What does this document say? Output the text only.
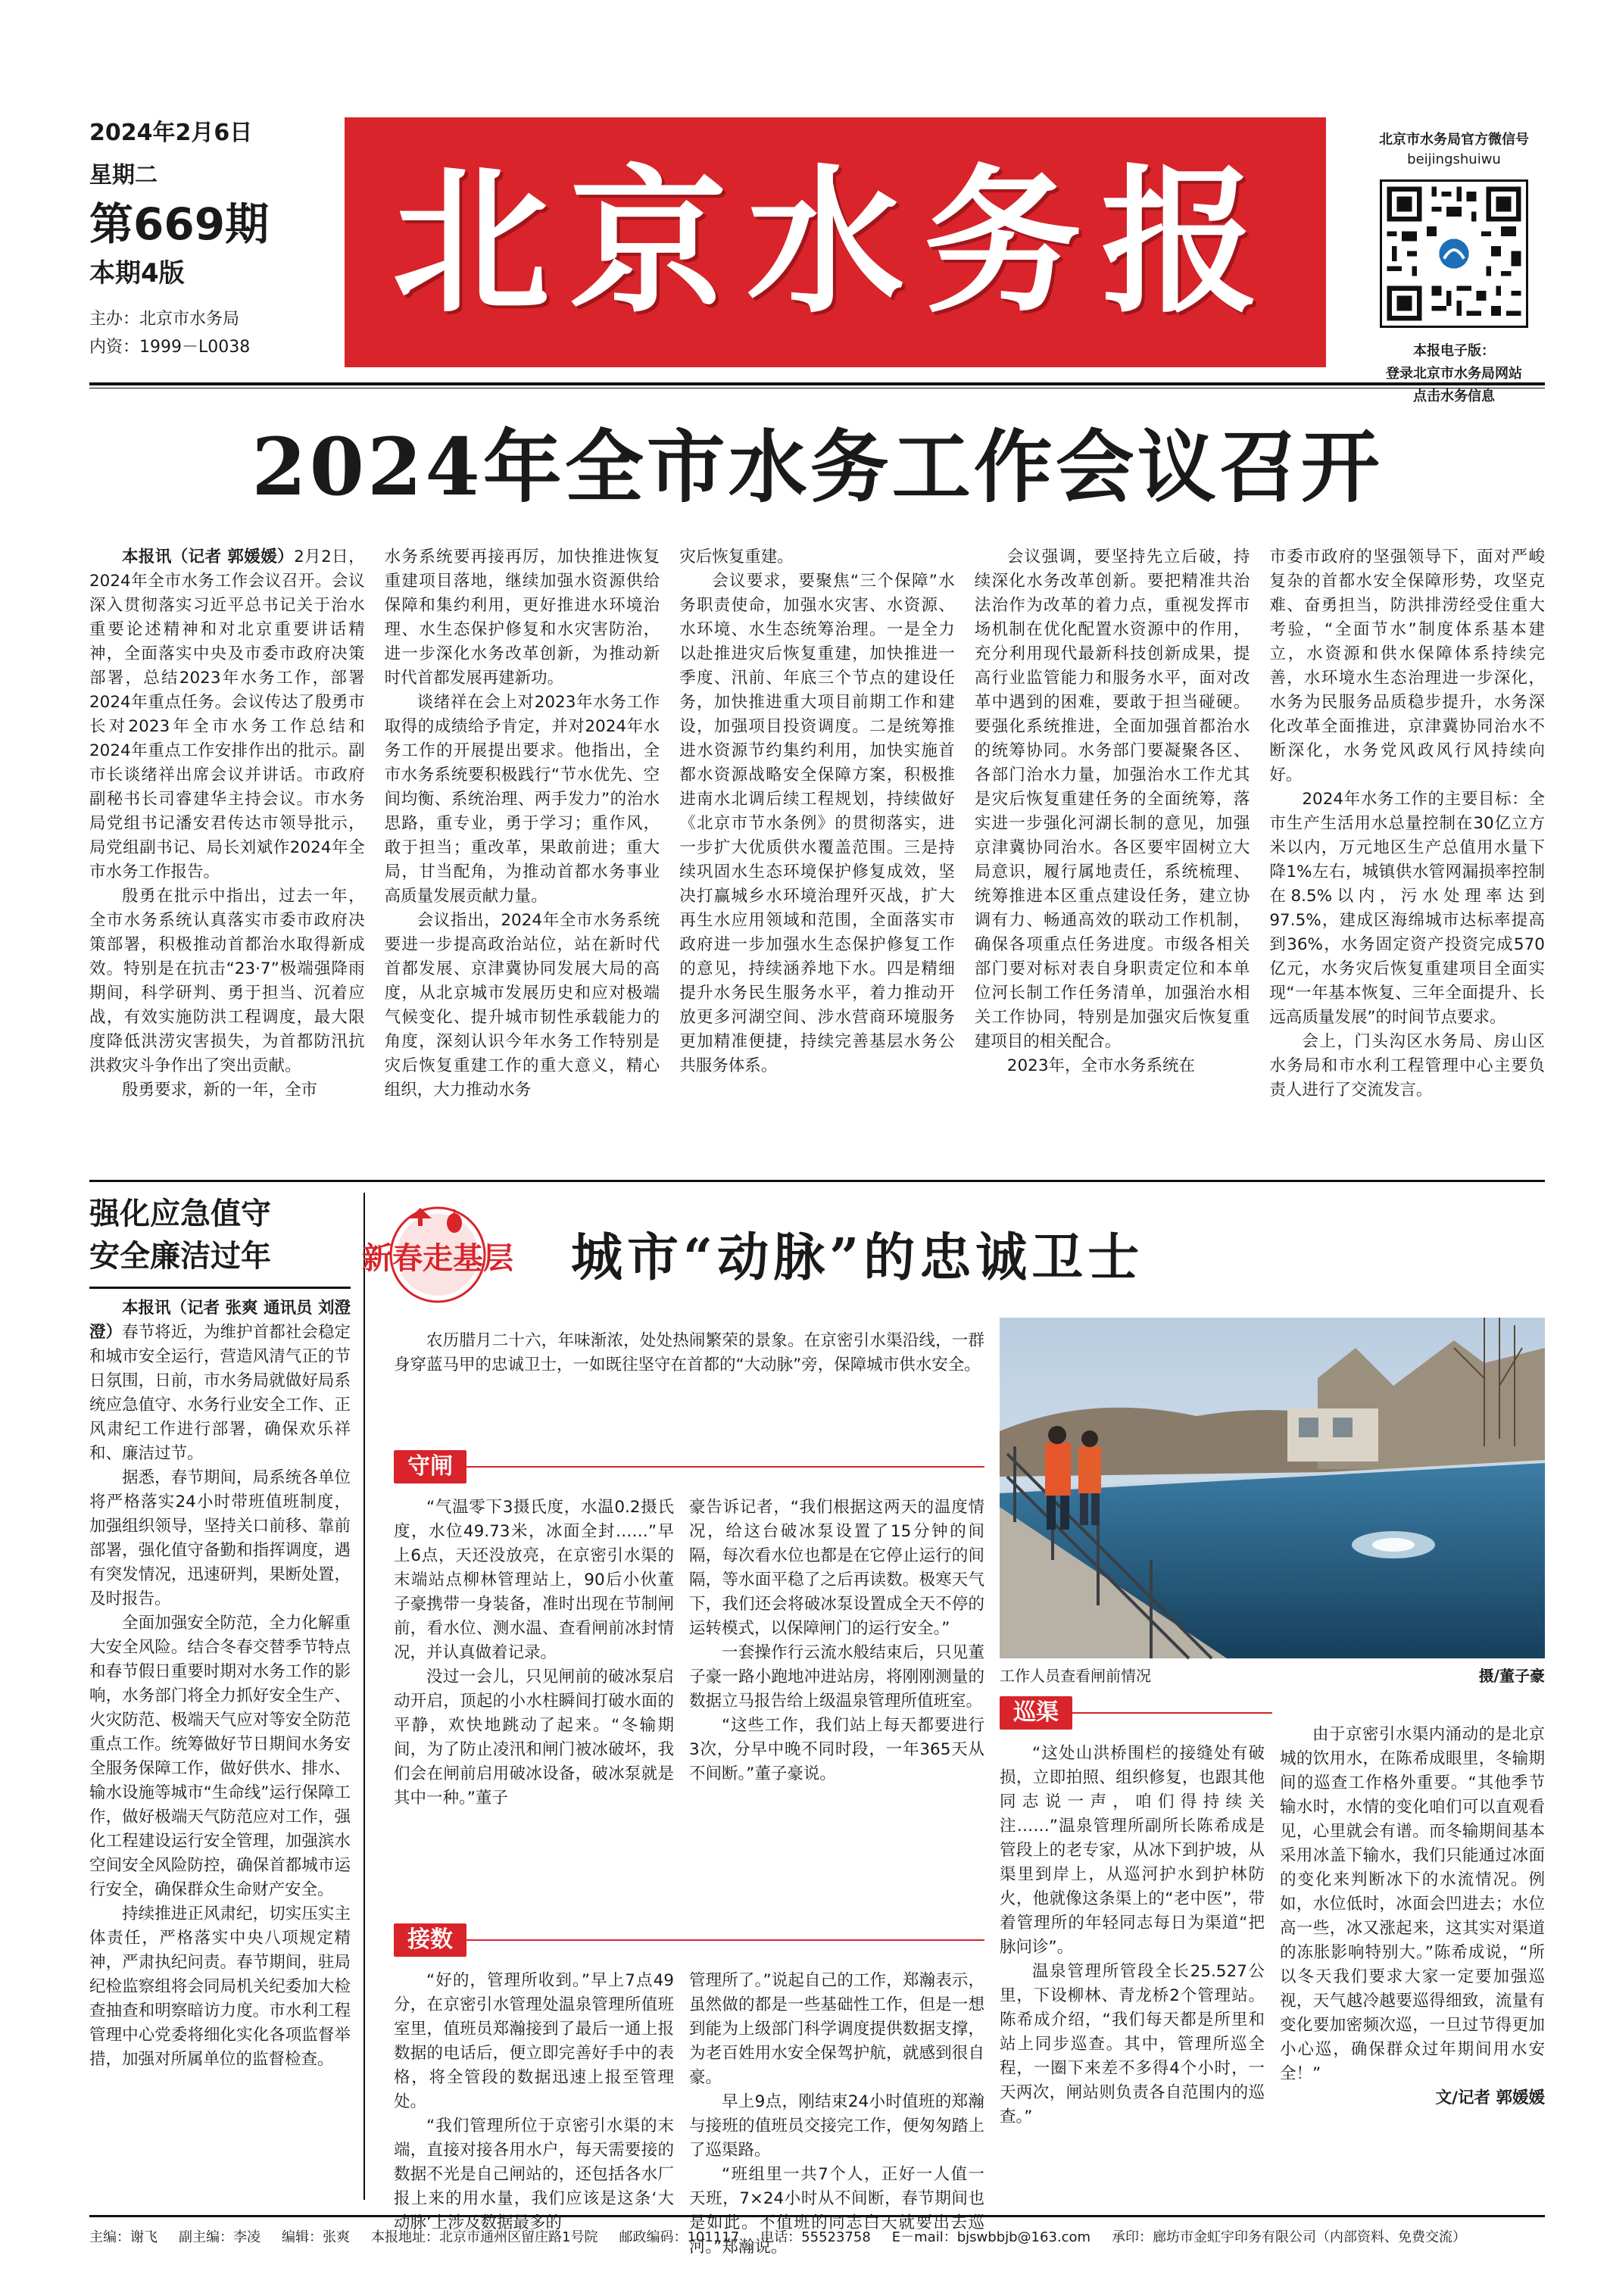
2024年2月6日
星期二
第669期
本期4版
主办：北京市水务局
内资：1999－L0038
北京水务报
北京市水务局官方微信号
beijingshuiwu
本报电子版：
登录北京市水务局网站
点击水务信息
2024年全市水务工作会议召开

本报讯（记者 郭媛媛）2月2日，2024年全市水务工作会议召开。会议深入贯彻落实习近平总书记关于治水重要论述精神和对北京重要讲话精神，全面落实中央及市委市政府决策部署，总结2023年水务工作，部署2024年重点任务。会议传达了殷勇市长对2023年全市水务工作总结和2024年重点工作安排作出的批示。副市长谈绪祥出席会议并讲话。市政府副秘书长司睿建华主持会议。市水务局党组书记潘安君传达市领导批示，局党组副书记、局长刘斌作2024年全市水务工作报告。

殷勇在批示中指出，过去一年，全市水务系统认真落实市委市政府决策部署，积极推动首都治水取得新成效。特别是在抗击“23·7”极端强降雨期间，科学研判、勇于担当、沉着应战，有效实施防洪工程调度，最大限度降低洪涝灾害损失，为首都防汛抗洪救灾斗争作出了突出贡献。

殷勇要求，新的一年，全市

水务系统要再接再厉，加快推进恢复重建项目落地，继续加强水资源供给保障和集约利用，更好推进水环境治理、水生态保护修复和水灾害防治，进一步深化水务改革创新，为推动新时代首都发展再建新功。

谈绪祥在会上对2023年水务工作取得的成绩给予肯定，并对2024年水务工作的开展提出要求。他指出，全市水务系统要积极践行“节水优先、空间均衡、系统治理、两手发力”的治水思路，重专业，勇于学习；重作风，敢于担当；重改革，果敢前进；重大局，甘当配角，为推动首都水务事业高质量发展贡献力量。

会议指出，2024年全市水务系统要进一步提高政治站位，站在新时代首都发展、京津冀协同发展大局的高度，从北京城市发展历史和应对极端气候变化、提升城市韧性承载能力的角度，深刻认识今年水务工作特别是灾后恢复重建工作的重大意义，精心组织，大力推动水务

灾后恢复重建。

会议要求，要聚焦“三个保障”水务职责使命，加强水灾害、水资源、水环境、水生态统筹治理。一是全力以赴推进灾后恢复重建，加快推进一季度、汛前、年底三个节点的建设任务，加快推进重大项目前期工作和建设，加强项目投资调度。二是统筹推进水资源节约集约利用，加快实施首都水资源战略安全保障方案，积极推进南水北调后续工程规划，持续做好《北京市节水条例》的贯彻落实，进一步扩大优质供水覆盖范围。三是持续巩固水生态环境保护修复成效，坚决打赢城乡水环境治理歼灭战，扩大再生水应用领域和范围，全面落实市政府进一步加强水生态保护修复工作的意见，持续涵养地下水。四是精细提升水务民生服务水平，着力推动开放更多河湖空间、涉水营商环境服务更加精准便捷，持续完善基层水务公共服务体系。

会议强调，要坚持先立后破，持续深化水务改革创新。要把精准共治法治作为改革的着力点，重视发挥市场机制在优化配置水资源中的作用，充分利用现代最新科技创新成果，提高行业监管能力和服务水平，面对改革中遇到的困难，要敢于担当碰硬。要强化系统推进，全面加强首都治水的统筹协同。水务部门要凝聚各区、各部门治水力量，加强治水工作尤其是灾后恢复重建任务的全面统筹，落实进一步强化河湖长制的意见，加强京津冀协同治水。各区要牢固树立大局意识，履行属地责任，系统梳理、统筹推进本区重点建设任务，建立协调有力、畅通高效的联动工作机制，确保各项重点任务进度。市级各相关部门要对标对表自身职责定位和本单位河长制工作任务清单，加强治水相关工作协同，特别是加强灾后恢复重建项目的相关配合。

2023年，全市水务系统在

市委市政府的坚强领导下，面对严峻复杂的首都水安全保障形势，攻坚克难、奋勇担当，防洪排涝经受住重大考验，“全面节水”制度体系基本建立，水资源和供水保障体系持续完善，水环境水生态治理进一步深化，水务为民服务品质稳步提升，水务深化改革全面推进，京津冀协同治水不断深化，水务党风政风行风持续向好。

2024年水务工作的主要目标：全市生产生活用水总量控制在30亿立方米以内，万元地区生产总值用水量下降1%左右，城镇供水管网漏损率控制在8.5%以内，污水处理率达到97.5%，建成区海绵城市达标率提高到36%，水务固定资产投资完成570亿元，水务灾后恢复重建项目全面实现“一年基本恢复、三年全面提升、长远高质量发展”的时间节点要求。

会上，门头沟区水务局、房山区水务局和市水利工程管理中心主要负责人进行了交流发言。

强化应急值守
安全廉洁过年

本报讯（记者 张爽 通讯员 刘澄澄）春节将近，为维护首都社会稳定和城市安全运行，营造风清气正的节日氛围，日前，市水务局就做好局系统应急值守、水务行业安全工作、正风肃纪工作进行部署，确保欢乐祥和、廉洁过节。

据悉，春节期间，局系统各单位将严格落实24小时带班值班制度，加强组织领导，坚持关口前移、靠前部署，强化值守备勤和指挥调度，遇有突发情况，迅速研判，果断处置，及时报告。

全面加强安全防范，全力化解重大安全风险。结合冬春交替季节特点和春节假日重要时期对水务工作的影响，水务部门将全力抓好安全生产、火灾防范、极端天气应对等安全防范重点工作。统筹做好节日期间水务安全服务保障工作，做好供水、排水、输水设施等城市“生命线”运行保障工作，做好极端天气防范应对工作，强化工程建设运行安全管理，加强滨水空间安全风险防控，确保首都城市运行安全，确保群众生命财产安全。

持续推进正风肃纪，切实压实主体责任，严格落实中央八项规定精神，严肃执纪问责。春节期间，驻局纪检监察组将会同局机关纪委加大检查抽查和明察暗访力度。市水利工程管理中心党委将细化实化各项监督举措，加强对所属单位的监督检查。

新春走基层 城市“动脉”的忠诚卫士
农历腊月二十六，年味渐浓，处处热闹繁荣的景象。在京密引水渠沿线，一群身穿蓝马甲的忠诚卫士，一如既往坚守在首都的“大动脉”旁，保障城市供水安全。
工作人员查看闸前情况	摄/董子豪
守闸

“气温零下3摄氏度，水温0.2摄氏度，水位49.73米，冰面全封……”早上6点，天还没放亮，在京密引水渠的末端站点柳林管理站上，90后小伙董子豪携带一身装备，准时出现在节制闸前，看水位、测水温、查看闸前冰封情况，并认真做着记录。

没过一会儿，只见闸前的破冰泵启动开启，顶起的小水柱瞬间打破水面的平静，欢快地跳动了起来。“冬输期间，为了防止凌汛和闸门被冰破坏，我们会在闸前启用破冰设备，破冰泵就是其中一种。”董子

豪告诉记者，“我们根据这两天的温度情况，给这台破冰泵设置了15分钟的间隔，每次看水位也都是在它停止运行的间隔，等水面平稳了之后再读数。极寒天气下，我们还会将破冰泵设置成全天不停的运转模式，以保障闸门的运行安全。”

一套操作行云流水般结束后，只见董子豪一路小跑地冲进站房，将刚刚测量的数据立马报告给上级温泉管理所值班室。

“这些工作，我们站上每天都要进行3次，分早中晚不同时段，一年365天从不间断。”董子豪说。

接数

“好的，管理所收到。”早上7点49分，在京密引水管理处温泉管理所值班室里，值班员郑瀚接到了最后一通上报数据的电话后，便立即完善好手中的表格，将全管段的数据迅速上报至管理处。

“我们管理所位于京密引水渠的末端，直接对接各用水户，每天需要接的数据不光是自己闸站的，还包括各水厂报上来的用水量，我们应该是这条‘大动脉’上涉及数据最多的

管理所了。”说起自己的工作，郑瀚表示，虽然做的都是一些基础性工作，但是一想到能为上级部门科学调度提供数据支撑，为老百姓用水安全保驾护航，就感到很自豪。

早上9点，刚结束24小时值班的郑瀚与接班的值班员交接完工作，便匆匆踏上了巡渠路。

“班组里一共7个人，正好一人值一天班，7×24小时从不间断，春节期间也是如此。不值班的同志白天就要出去巡河。”郑瀚说。

巡渠

“这处山洪桥围栏的接缝处有破损，立即拍照、组织修复，也跟其他同志说一声，咱们得持续关注……”温泉管理所副所长陈希成是管段上的老专家，从冰下到护坡，从渠里到岸上，从巡河护水到护林防火，他就像这条渠上的“老中医”，带着管理所的年轻同志每日为渠道“把脉问诊”。

温泉管理所管段全长25.527公里，下设柳林、青龙桥2个管理站。陈希成介绍，“我们每天都是所里和站上同步巡查。其中，管理所巡全程，一圈下来差不多得4个小时，一天两次，闸站则负责各自范围内的巡查。”

由于京密引水渠内涌动的是北京城的饮用水，在陈希成眼里，冬输期间的巡查工作格外重要。“其他季节输水时，水情的变化咱们可以直观看见，心里就会有谱。而冬输期间基本采用冰盖下输水，我们只能通过冰面的变化来判断冰下的水流情况。例如，水位低时，冰面会凹进去；水位高一些，冰又涨起来，这其实对渠道的冻胀影响特别大。”陈希成说，“所以冬天我们要求大家一定要加强巡视，天气越冷越要巡得细致，流量有变化要加密频次巡，一旦过节得更加小心巡，确保群众过年期间用水安全！”

文/记者 郭媛媛

主编：谢飞 副主编：李凌 编辑：张爽 本报地址：北京市通州区留庄路1号院 邮政编码：101117 电话：55523758 E－mail：bjswbbjb@163.com 承印：廊坊市金虹宇印务有限公司（内部资料、免费交流）
